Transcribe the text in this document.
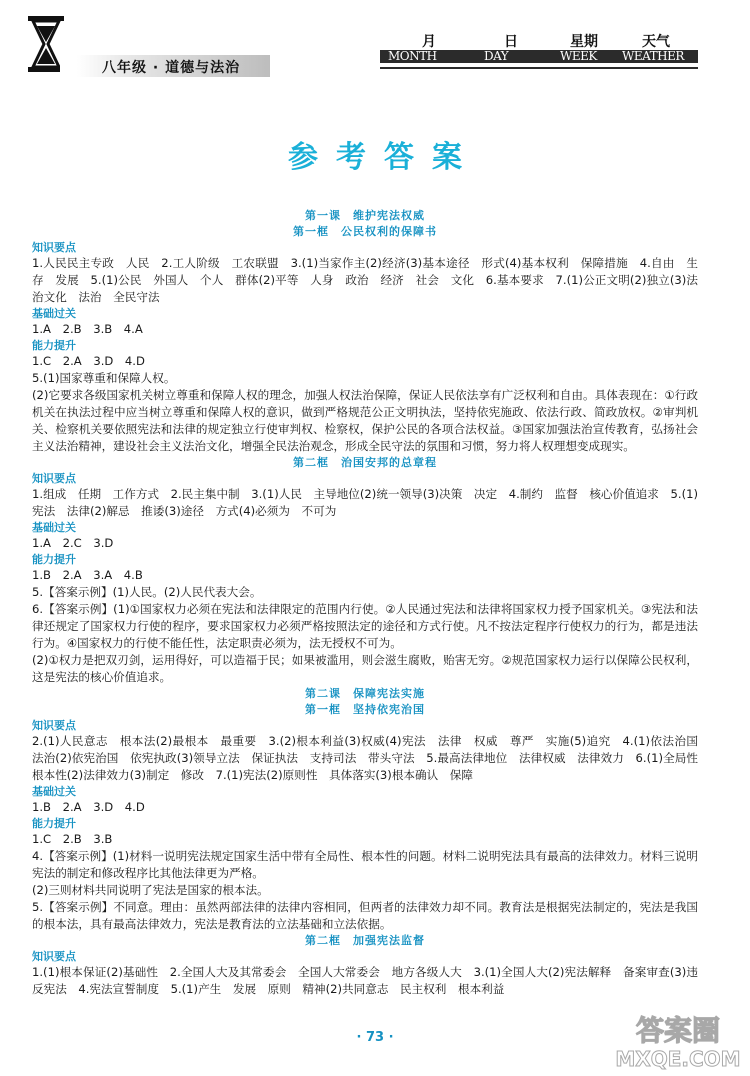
八年级 · 道德与法治
月	日	星期	天气
MONTH	DAY	WEEK WEATHER
参考答案

第一课　维护宪法权威

第一框　公民权利的保障书

知识要点

1.人民民主专政　人民　2.工人阶级　工农联盟　3.(1)当家作主(2)经济(3)基本途径　形式(4)基本权利　保障措施　4.自由　生存　发展　5.(1)公民　外国人　个人　群体(2)平等　人身　政治　经济　社会　文化　6.基本要求　7.(1)公正文明(2)独立(3)法治文化　法治　全民守法

基础过关

1.A　2.B　3.B　4.A

能力提升

1.C　2.A　3.D　4.D

5.(1)国家尊重和保障人权。

(2)它要求各级国家机关树立尊重和保障人权的理念，加强人权法治保障，保证人民依法享有广泛权利和自由。具体表现在：①行政机关在执法过程中应当树立尊重和保障人权的意识，做到严格规范公正文明执法，坚持依宪施政、依法行政、简政放权。②审判机关、检察机关要依照宪法和法律的规定独立行使审判权、检察权，保护公民的各项合法权益。③国家加强法治宣传教育，弘扬社会主义法治精神，建设社会主义法治文化，增强全民法治观念，形成全民守法的氛围和习惯，努力将人权理想变成现实。

第二框　治国安邦的总章程

知识要点

1.组成　任期　工作方式　2.民主集中制　3.(1)人民　主导地位(2)统一领导(3)决策　决定　4.制约　监督　核心价值追求　5.(1)宪法　法律(2)解忌　推诿(3)途径　方式(4)必须为　不可为

基础过关

1.A　2.C　3.D

能力提升

1.B　2.A　3.A　4.B

5.【答案示例】(1)人民。(2)人民代表大会。

6.【答案示例】(1)①国家权力必须在宪法和法律限定的范围内行使。②人民通过宪法和法律将国家权力授予国家机关。③宪法和法律还规定了国家权力行使的程序，要求国家权力必须严格按照法定的途径和方式行使。凡不按法定程序行使权力的行为，都是违法行为。④国家权力的行使不能任性，法定职责必须为，法无授权不可为。

(2)①权力是把双刃剑，运用得好，可以造福于民；如果被滥用，则会滋生腐败，贻害无穷。②规范国家权力运行以保障公民权利，这是宪法的核心价值追求。

第二课　保障宪法实施

第一框　坚持依宪治国

知识要点

2.(1)人民意志　根本法(2)最根本　最重要　3.(2)根本利益(3)权威(4)宪法　法律　权威　尊严　实施(5)追究　4.(1)依法治国　法治(2)依宪治国　依宪执政(3)领导立法　保证执法　支持司法　带头守法　5.最高法律地位　法律权威　法律效力　6.(1)全局性　根本性(2)法律效力(3)制定　修改　7.(1)宪法(2)原则性　具体落实(3)根本确认　保障

基础过关

1.B　2.A　3.D　4.D

能力提升

1.C　2.B　3.B

4.【答案示例】(1)材料一说明宪法规定国家生活中带有全局性、根本性的问题。材料二说明宪法具有最高的法律效力。材料三说明宪法的制定和修改程序比其他法律更为严格。

(2)三则材料共同说明了宪法是国家的根本法。

5.【答案示例】不同意。理由：虽然两部法律的法律内容相同，但两者的法律效力却不同。教育法是根据宪法制定的，宪法是我国的根本法，具有最高法律效力，宪法是教育法的立法基础和立法依据。

第二框　加强宪法监督

知识要点

1.(1)根本保证(2)基础性　2.全国人大及其常委会　全国人大常委会　地方各级人大　3.(1)全国人大(2)宪法解释　备案审查(3)违反宪法　4.宪法宣誓制度　5.(1)产生　发展　原则　精神(2)共同意志　民主权利　根本利益

· 73 ·	答案圈
MXQE.COM
